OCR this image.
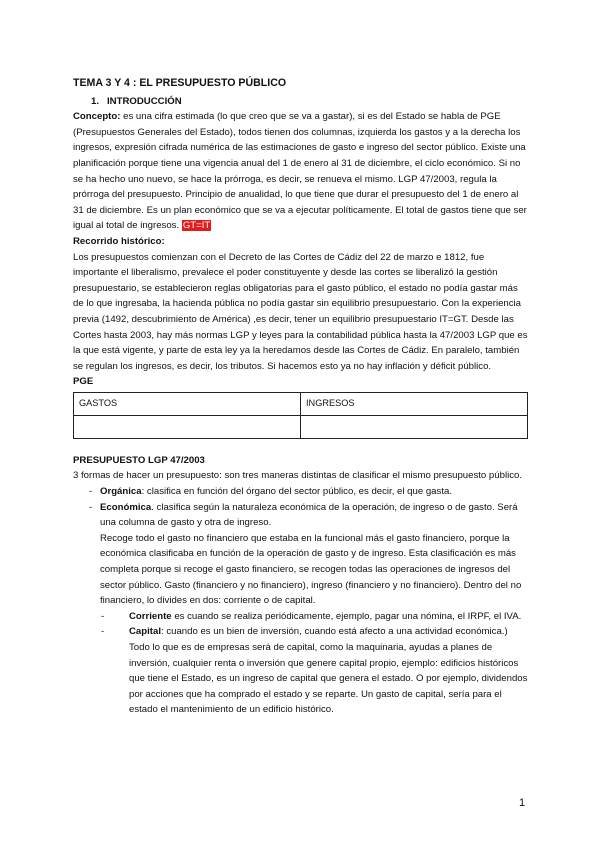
TEMA 3 Y 4 : EL PRESUPUESTO PÚBLICO

1. INTRODUCCIÓN

Concepto: es una cifra estimada (lo que creo que se va a gastar), si es del Estado se habla de PGE (Presupuestos Generales del Estado), todos tienen dos columnas, izquierda los gastos y a la derecha los ingresos, expresión cifrada numérica de las estimaciones de gasto e ingreso del sector público. Existe una planificación porque tiene una vigencia anual del 1 de enero al 31 de diciembre, el ciclo económico. Si no se ha hecho uno nuevo, se hace la prórroga, es decir, se renueva el mismo. LGP 47/2003, regula la prórroga del presupuesto. Principio de anualidad, lo que tiene que durar el presupuesto del 1 de enero al 31 de diciembre. Es un plan económico que se va a ejecutar políticamente. El total de gastos tiene que ser igual al total de ingresos. GT=IT

Recorrido histórico:

Los presupuestos comienzan con el Decreto de las Cortes de Cádiz del 22 de marzo e 1812, fue importante el liberalismo, prevalece el poder constituyente y desde las cortes se liberalizó la gestión presupuestario, se establecieron reglas obligatorias para el gasto público, el estado no podía gastar más de lo que ingresaba, la hacienda pública no podía gastar sin equilibrio presupuestario. Con la experiencia previa (1492, descubrimiento de América) ,es decir, tener un equilibrio presupuestario IT=GT. Desde las Cortes hasta 2003, hay más normas LGP y leyes para la contabilidad pública hasta la 47/2003 LGP que es la que está vigente, y parte de esta ley ya la heredamos desde las Cortes de Cádiz. En paralelo, también se regulan los ingresos, es decir, los tributos. Si hacemos esto ya no hay inflación y déficit público.

PGE

GASTOS	INGRESOS

PRESUPUESTO LGP 47/2003

3 formas de hacer un presupuesto: son tres maneras distintas de clasificar el mismo presupuesto público.

- Orgánica: clasifica en función del órgano del sector público, es decir, el que gasta.
- Económica. clasifica según la naturaleza económica de la operación, de ingreso o de gasto. Será una columna de gasto y otra de ingreso.

Recoge todo el gasto no financiero que estaba en la funcional más el gasto financiero, porque la económica clasificaba en función de la operación de gasto y de ingreso. Esta clasificación es más completa porque si recoge el gasto financiero, se recogen todas las operaciones de ingresos del sector público. Gasto (financiero y no financiero), ingreso (financiero y no financiero). Dentro del no financiero, lo divides en dos: corriente o de capital.

- Corriente es cuando se realiza periódicamente, ejemplo, pagar una nómina, el IRPF, el IVA.
- Capital: cuando es un bien de inversión, cuando está afecto a una actividad económica.) Todo lo que es de empresas será de capital, como la maquinaria, ayudas a planes de inversión, cualquier renta o inversión que genere capital propio, ejemplo: edificios históricos que tiene el Estado, es un ingreso de capital que genera el estado. O por ejemplo, dividendos por acciones que ha comprado el estado y se reparte. Un gasto de capital, sería para el estado el mantenimiento de un edificio histórico.
1
